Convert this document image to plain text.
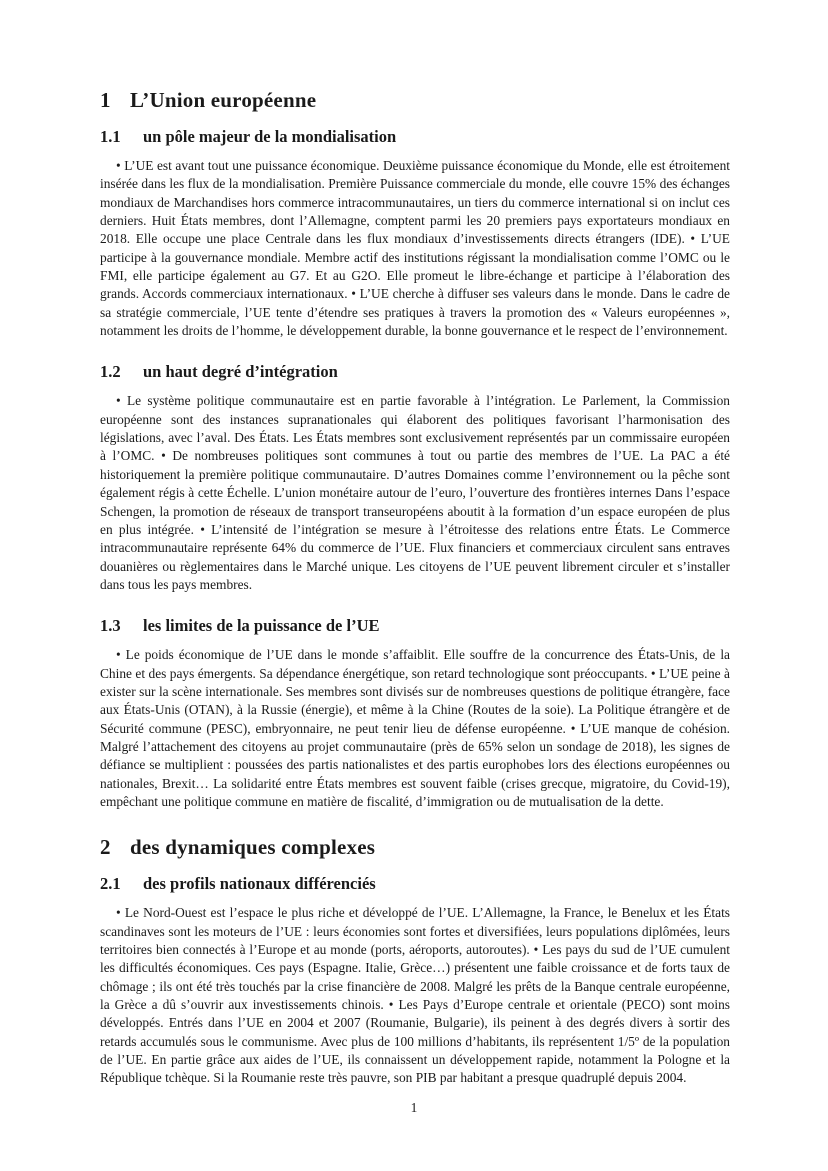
1 L’Union européenne
1.1 un pôle majeur de la mondialisation

• L’UE est avant tout une puissance économique. Deuxième puissance économique du Monde, elle est étroitement insérée dans les flux de la mondialisation. Première Puissance commerciale du monde, elle couvre 15% des échanges mondiaux de Marchandises hors commerce intracommunautaires, un tiers du commerce international si on inclut ces derniers. Huit États membres, dont l’Allemagne, comptent parmi les 20 premiers pays exportateurs mondiaux en 2018. Elle occupe une place Centrale dans les flux mondiaux d’investissements directs étrangers (IDE). • L’UE participe à la gouvernance mondiale. Membre actif des institutions régissant la mondialisation comme l’OMC ou le FMI, elle participe également au G7. Et au G2O. Elle promeut le libre-échange et participe à l’élaboration des grands. Accords commerciaux internationaux. • L’UE cherche à diffuser ses valeurs dans le monde. Dans le cadre de sa stratégie commerciale, l’UE tente d’étendre ses pratiques à travers la promotion des « Valeurs européennes », notamment les droits de l’homme, le développement durable, la bonne gouvernance et le respect de l’environnement.

1.2 un haut degré d’intégration

• Le système politique communautaire est en partie favorable à l’intégration. Le Parlement, la Commission européenne sont des instances supranationales qui élaborent des politiques favorisant l’harmonisation des législations, avec l’aval. Des États. Les États membres sont exclusivement représentés par un commissaire européen à l’OMC. • De nombreuses politiques sont communes à tout ou partie des membres de l’UE. La PAC a été historiquement la première politique communautaire. D’autres Domaines comme l’environnement ou la pêche sont également régis à cette Échelle. L’union monétaire autour de l’euro, l’ouverture des frontières internes Dans l’espace Schengen, la promotion de réseaux de transport transeuropéens aboutit à la formation d’un espace européen de plus en plus intégrée. • L’intensité de l’intégration se mesure à l’étroitesse des relations entre États. Le Commerce intracommunautaire représente 64% du commerce de l’UE. Flux financiers et commerciaux circulent sans entraves douanières ou règlementaires dans le Marché unique. Les citoyens de l’UE peuvent librement circuler et s’installer dans tous les pays membres.

1.3 les limites de la puissance de l’UE

• Le poids économique de l’UE dans le monde s’affaiblit. Elle souffre de la concurrence des États-Unis, de la Chine et des pays émergents. Sa dépendance énergétique, son retard technologique sont préoccupants. • L’UE peine à exister sur la scène internationale. Ses membres sont divisés sur de nombreuses questions de politique étrangère, face aux États-Unis (OTAN), à la Russie (énergie), et même à la Chine (Routes de la soie). La Politique étrangère et de Sécurité commune (PESC), embryonnaire, ne peut tenir lieu de défense européenne. • L’UE manque de cohésion. Malgré l’attachement des citoyens au projet communautaire (près de 65% selon un sondage de 2018), les signes de défiance se multiplient : poussées des partis nationalistes et des partis europhobes lors des élections européennes ou nationales, Brexit… La solidarité entre États membres est souvent faible (crises grecque, migratoire, du Covid-19), empêchant une politique commune en matière de fiscalité, d’immigration ou de mutualisation de la dette.

2 des dynamiques complexes
2.1 des profils nationaux différenciés

• Le Nord-Ouest est l’espace le plus riche et développé de l’UE. L’Allemagne, la France, le Benelux et les États scandinaves sont les moteurs de l’UE : leurs économies sont fortes et diversifiées, leurs populations diplômées, leurs territoires bien connectés à l’Europe et au monde (ports, aéroports, autoroutes). • Les pays du sud de l’UE cumulent les difficultés économiques. Ces pays (Espagne. Italie, Grèce…) présentent une faible croissance et de forts taux de chômage ; ils ont été très touchés par la crise financière de 2008. Malgré les prêts de la Banque centrale européenne, la Grèce a dû s’ouvrir aux investissements chinois. • Les Pays d’Europe centrale et orientale (PECO) sont moins développés. Entrés dans l’UE en 2004 et 2007 (Roumanie, Bulgarie), ils peinent à des degrés divers à sortir des retards accumulés sous le communisme. Avec plus de 100 millions d’habitants, ils représentent 1/5º de la population de l’UE. En partie grâce aux aides de l’UE, ils connaissent un développement rapide, notamment la Pologne et la République tchèque. Si la Roumanie reste très pauvre, son PIB par habitant a presque quadruplé depuis 2004.

1
